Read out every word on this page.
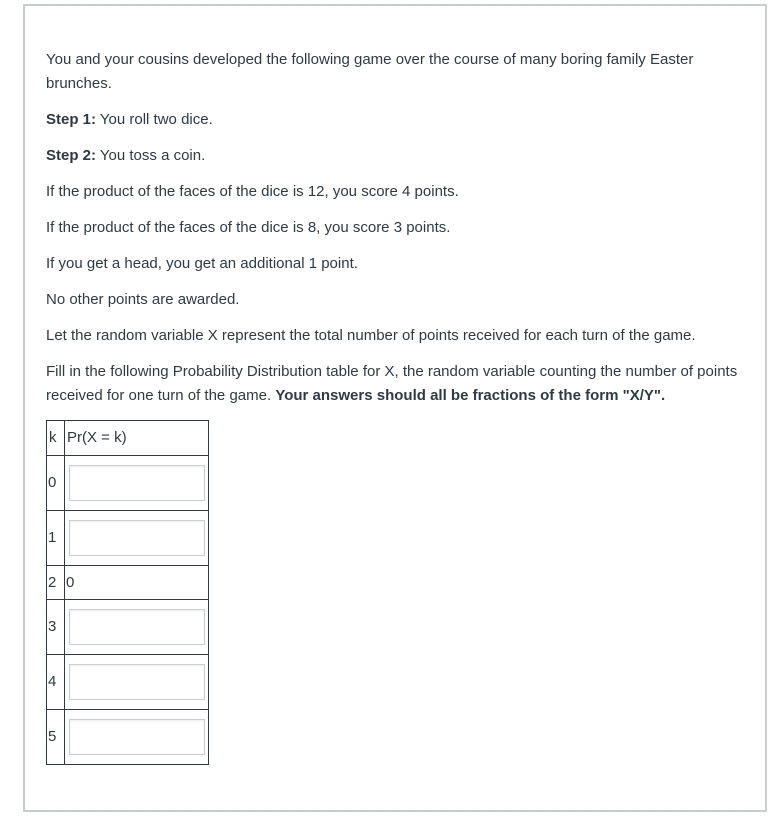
You and your cousins developed the following game over the course of many boring family Easter brunches.

Step 1: You roll two dice.

Step 2: You toss a coin.

If the product of the faces of the dice is 12, you score 4 points.

If the product of the faces of the dice is 8, you score 3 points.

If you get a head, you get an additional 1 point.

No other points are awarded.

Let the random variable X represent the total number of points received for each turn of the game.

Fill in the following Probability Distribution table for X, the random variable counting the number of points received for one turn of the game. Your answers should all be fractions of the form "X/Y".

k	Pr(X = k)
0	

1	

2	0
3	

4	

5	
